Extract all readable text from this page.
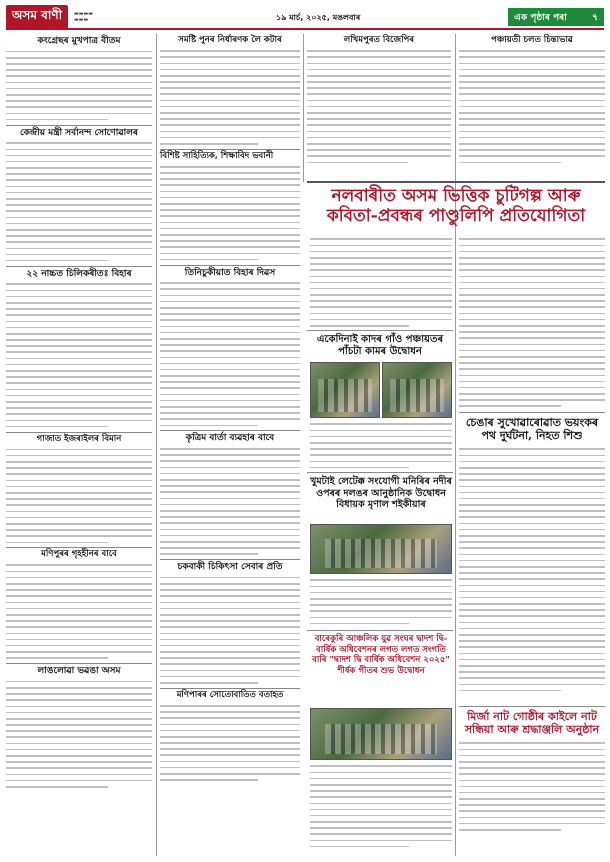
অসম বাণী	▬▬▬▬
▬▬▬	১৯ মার্চ, ২০২৫, মঙলবাৰ	এক পৃষ্ঠাৰ পৰা	৭
কংগ্ৰেছৰ মুখপাত্ৰ বীতম
কেন্দ্ৰীয় মন্ত্ৰী সৰ্বানন্দ সোণোৱালৰ
২২ নাচ্চত চিলিকৰীতঃ বিহাৰ
গাজাত ইজৰাইলৰ বিমান
মণিপুৰৰ গৃহহীনৰ বাবে
লাঙলোৱা ভৱঙা অসম
সমষ্টি পুনৰ নিৰ্ধাৰণক লৈ কটাৰ
বিশিষ্ট সাহিত্যিক, শিক্ষাবিদ ভবানী
তিনিচুকীয়াত বিহাৰ দিৱস
কৃত্ৰিম বাৰ্তা ব্যৱহাৰ বাবে
চকবাকী চিকিৎসা সেবাৰ প্ৰতি
মণিপাৰৰ সোতোবাতিত বতাহত
লখিমপুৰত বিজেপিৰ	পঞ্চায়তী চলত চিন্তাভাৱ
নলবাৰীত অসম ভিত্তিক চুটিগল্প আৰু কবিতা-প্ৰবন্ধৰ পাণ্ডুলিপি প্ৰতিযোগিতা
একেদিনাই কাদৰ গাঁও পঞ্চায়তৰ পাঁচটা কামৰ উদ্বোধন
চেঙাৰ সুখোৱাৰোৱাত ভয়ংকৰ পথ দুৰ্ঘটনা, নিহত শিশু
খুমটাই লেটেক্ক সংযোগী মনিৰিৰ নদীৰ ওপৰৰ দলঙৰ আনুষ্ঠানিক উদ্বোধন বিধায়ক মৃণাল শইকীয়াৰ
বাৰেকুৰি আঞ্চলিক যুৱ সংঘৰ দ্বাদশ দ্বি-বাৰ্ষিক অধিবেশনৰ লগত লগত সংগতি বাৰি "দ্বাদশ দ্বি বাৰ্ষিক অধিবেশন ২০২৫" শীৰ্ষক গীতৰ শুভ উদ্বোধন
মিৰ্জা নাট গোষ্ঠীৰ কাইলে নাট সন্ধিয়া আৰু শ্ৰদ্ধাঞ্জলি অনুষ্ঠান
